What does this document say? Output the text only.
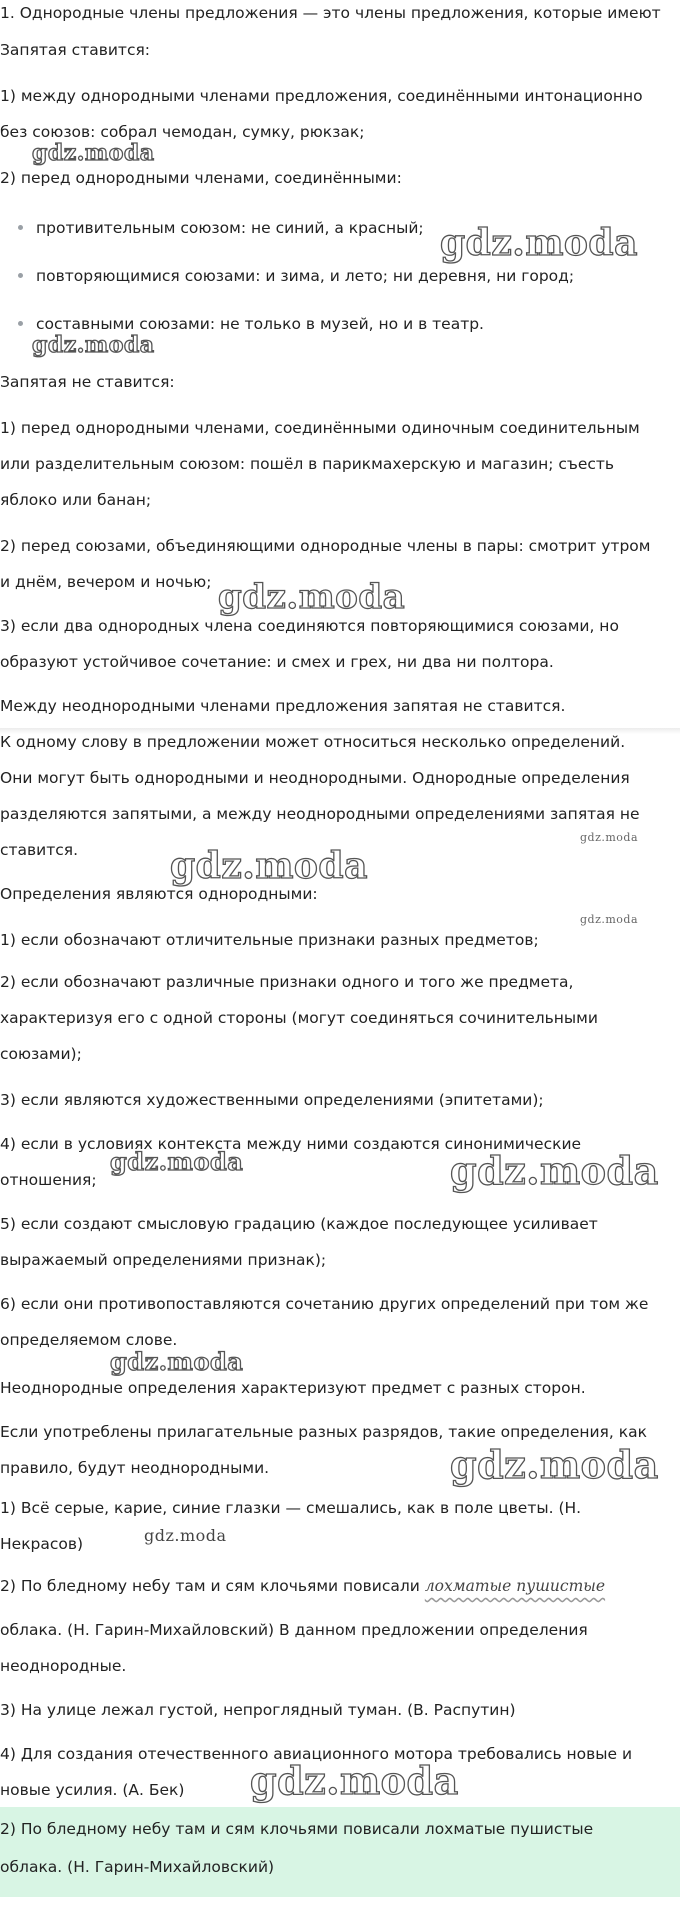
1. Однородные члены предложения — это члены предложения, которые имеют

Запятая ставится:

1) между однородными членами предложения, соединёнными интонационно

без союзов: собрал чемодан, сумку, рюкзак;

2) перед однородными членами, соединёнными:

противительным союзом: не синий, а красный;
повторяющимися союзами: и зима, и лето; ни деревня, ни город;
составными союзами: не только в музей, но и в театр.

Запятая не ставится:

1) перед однородными членами, соединёнными одиночным соединительным

или разделительным союзом: пошёл в парикмахерскую и магазин; съесть

яблоко или банан;

2) перед союзами, объединяющими однородные члены в пары: смотрит утром

и днём, вечером и ночью;

3) если два однородных члена соединяются повторяющимися союзами, но

образуют устойчивое сочетание: и смех и грех, ни два ни полтора.

Между неоднородными членами предложения запятая не ставится.

К одному слову в предложении может относиться несколько определений.

Они могут быть однородными и неоднородными. Однородные определения

разделяются запятыми, а между неоднородными определениями запятая не

ставится.

Определения являются однородными:

1) если обозначают отличительные признаки разных предметов;

2) если обозначают различные признаки одного и того же предмета,

характеризуя его с одной стороны (могут соединяться сочинительными

союзами);

3) если являются художественными определениями (эпитетами);

4) если в условиях контекста между ними создаются синонимические

отношения;

5) если создают смысловую градацию (каждое последующее усиливает

выражаемый определениями признак);

6) если они противопоставляются сочетанию других определений при том же

определяемом слове.

Неоднородные определения характеризуют предмет с разных сторон.

Если употреблены прилагательные разных разрядов, такие определения, как

правило, будут неоднородными.

1) Всё серые, карие, синие глазки — смешались, как в поле цветы. (Н.

Некрасов)

2) По бледному небу там и сям клочьями повисали лохматые пушистые

облака. (Н. Гарин-Михайловский) В данном предложении определения

неоднородные.

3) На улице лежал густой, непроглядный туман. (В. Распутин)

4) Для создания отечественного авиационного мотора требовались новые и

новые усилия. (А. Бек)

2) По бледному небу там и сям клочьями повисали лохматые пушистые

облака. (Н. Гарин-Михайловский)

gdz.moda
gdz.moda
gdz.moda
gdz.moda
gdz.moda
gdz.moda
gdz.moda
gdz.moda	gdz.moda
gdz.moda
gdz.moda
gdz.moda
gdz.moda
